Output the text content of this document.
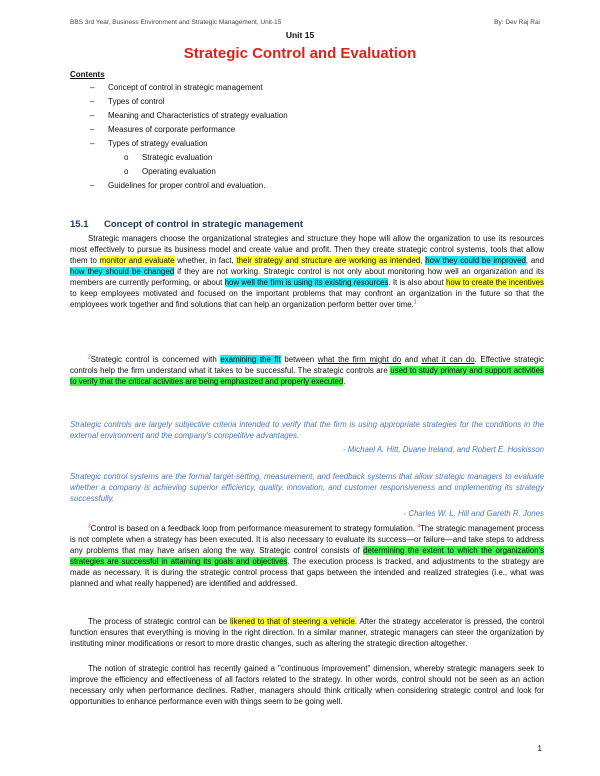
BBS 3rd Year, Business Environment and Strategic Management, Unit-15	By: Dev Raj Rai
Unit 15
Strategic Control and Evaluation
Contents
– Concept of control in strategic management
– Types of control
– Meaning and Characteristics of strategy evaluation
– Measures of corporate performance
– Types of strategy evaluation
o Strategic evaluation
o Operating evaluation
– Guidelines for proper control and evaluation.
15.1 Concept of control in strategic management
Strategic managers choose the organizational strategies and structure they hope will allow the organization to use its resources most effectively to pursue its business model and create value and profit. Then they create strategic control systems, tools that allow them to monitor and evaluate whether, in fact, their strategy and structure are working as intended, how they could be improved, and how they should be changed if they are not working. Strategic control is not only about monitoring how well an organization and its members are currently performing, or about how well the firm is using its existing resources. It is also about how to create the incentives to keep employees motivated and focused on the important problems that may confront an organization in the future so that the employees work together and find solutions that can help an organization perform better over time.$^1$
$^2$Strategic control is concerned with examining the fit between what the firm might do and what it can do. Effective strategic controls help the firm understand what it takes to be successful. The strategic controls are used to study primary and support activities to verify that the critical activities are being emphasized and properly executed.
Strategic controls are largely subjective criteria intended to verify that the firm is using appropriate strategies for the conditions in the external environment and the company's competitive advantages.
- Michael A. Hitt, Duane Ireland, and Robert E. Hoskisson
Strategic control systems are the formal target-setting, measurement, and feedback systems that allow strategic managers to evaluate whether a company is achieving superior efficiency, quality, innovation, and customer responsiveness and implementing its strategy successfully.
- Charles W. L. Hill and Gareth R. Jones
$^3$Control is based on a feedback loop from performance measurement to strategy formulation. $^4$The strategic management process is not complete when a strategy has been executed. It is also necessary to evaluate its success—or failure—and take steps to address any problems that may have arisen along the way. Strategic control consists of determining the extent to which the organization's strategies are successful in attaining its goals and objectives. The execution process is tracked, and adjustments to the strategy are made as necessary. It is during the strategic control process that gaps between the intended and realized strategies (i.e., what was planned and what really happened) are identified and addressed.
The process of strategic control can be likened to that of steering a vehicle. After the strategy accelerator is pressed, the control function ensures that everything is moving in the right direction. In a similar manner, strategic managers can steer the organization by instituting minor modifications or resort to more drastic changes, such as altering the strategic direction altogether.
The notion of strategic control has recently gained a "continuous improvement" dimension, whereby strategic managers seek to improve the efficiency and effectiveness of all factors related to the strategy. In other words, control should not be seen as an action necessary only when performance declines. Rather, managers should think critically when considering strategic control and look for opportunities to enhance performance even with things seem to be going well.
1
